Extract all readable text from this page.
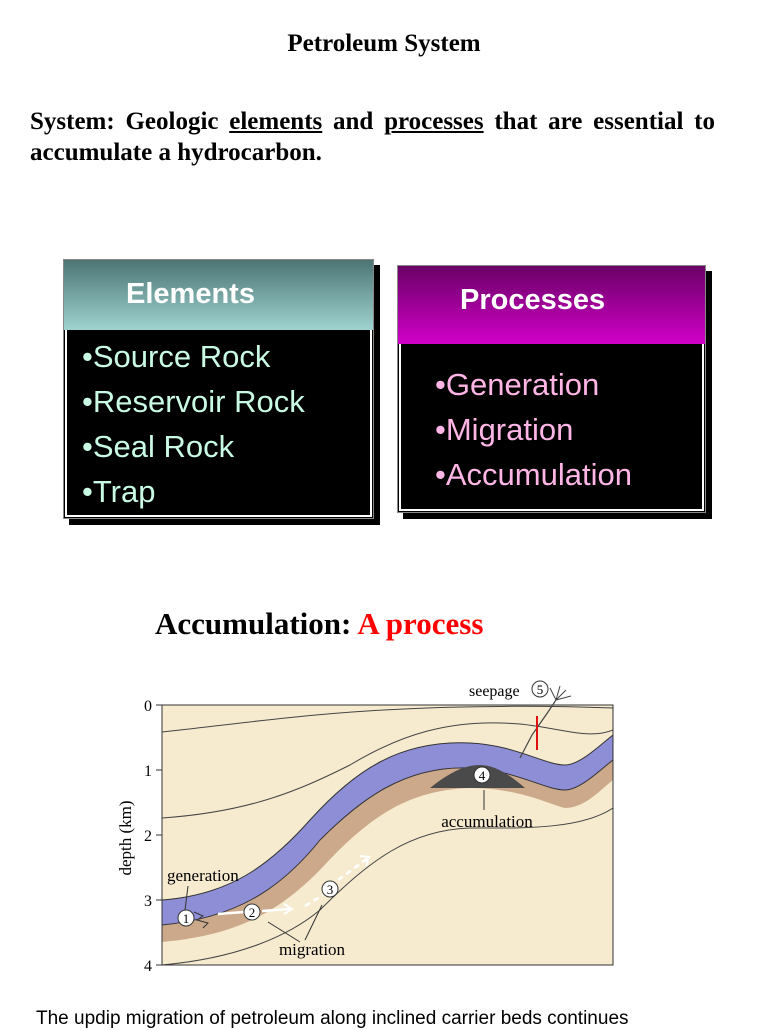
Petroleum System
System: Geologic elements and processes that are essential to accumulate a hydrocarbon.
Elements
•Source Rock
•Reservoir Rock
•Seal Rock
•Trap
Processes
•Generation
•Migration
•Accumulation
Accumulation: A process
0
1
2
3
4
depth (km)
seepage 5
4
accumulation
generation
1	2
3
migration
The updip migration of petroleum along inclined carrier beds continues
